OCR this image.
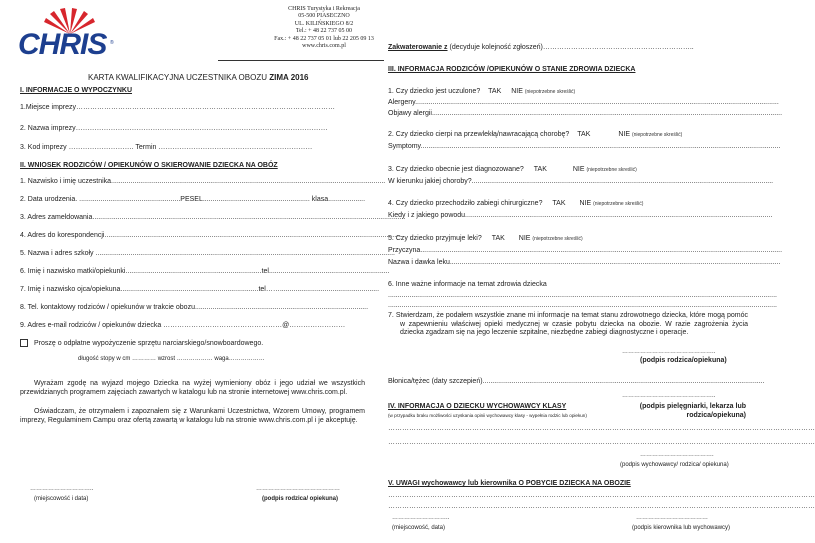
CHRIS ®
CHRIS Turystyka i Rekreacja
05-500 PIASECZNO
UL. KILIŃSKIEGO 8/2
Tel.: + 48 22 737 05 00
Fax.: + 48 22 737 05 01 lub 22 205 09 13
www.chris.com.pl
KARTA KWALIFIKACYJNA UCZESTNIKA OBOZU ZIMA 2016
I. INFORMACJE O WYPOCZYNKU
1.Miejsce imprezy…………………………………………………………………………………………………
2. Nazwa imprezy………………………………………………………………………………………………
3. Kod imprezy ………………………. Termin …………………………………………………………
II. WNIOSEK RODZICÓW / OPIEKUNÓW O SKIEROWANIE DZIECKA NA OBÓZ
1. Nazwisko i imię uczestnika.............................................................................................................................................
2. Data urodzenia. ....................................................PESEL....................................................... klasa...................
3. Adres zameldowania.................................................................................................................................................................
4. Adres do korespondencji.........................................................................................................................................................
5. Nazwa i adres szkoły ..........................................................................................................................................................
6. Imię i nazwisko matki/opiekunki......................................................................tel..............................................................
7. Imię i nazwisko ojca/opiekuna.......................................................................tel……...................................................
8. Tel. kontaktowy rodziców / opiekunów w trakcie obozu.........................................................................................
9. Adres e-mail rodziców / opiekunów dziecka ……………………………………………@……………………
Proszę o odpłatne wypożyczenie sprzętu narciarskiego/snowboardowego.
długość stopy w cm ………… wzrost ……………… waga………………
Wyrażam zgodę na wyjazd mojego Dziecka na wyżej wymieniony obóz i jego udział we wszystkich przewidzianych programem zajęciach zawartych w katalogu lub na stronie internetowej www.chris.com.pl.
Oświadczam, że otrzymałem i zapoznałem się z Warunkami Uczestnictwa, Wzorem Umowy, programem imprezy, Regulaminem Campu oraz ofertą zawartą w katalogu lub na stronie www.chris.com.pl i je akceptuję.
…………………………..
(miejscowość i data)
……………………………………
(podpis rodzica/ opiekuna)
Zakwaterowanie z (decyduje kolejność zgłoszeń)………………………………………………………..
III. INFORMACJA RODZICÓW /OPIEKUNÓW O STANIE ZDROWIA DZIECKA
1. Czy dziecko jest uczulone? TAK NIE (niepotrzebne skreślić)
Alergeny...........................................................................................................................................................................................
Objawy alergii....................................................................................................................................................................................
2. Czy dziecko cierpi na przewlekłą/nawracającą chorobę? TAK	NIE (niepotrzebne skreślić)
Symptomy.........................................................................................................................................................................................
3. Czy dziecko obecnie jest diagnozowane? TAK	NIE (niepotrzebne skreślić)
W kierunku jakiej choroby?...........................................................................................................................................................
4. Czy dziecko przechodziło zabiegi chirurgiczne? TAK NIE (niepotrzebne skreślić)
Kiedy i z jakiego powodu..............................................................................................................................................................
5. Czy dziecko przyjmuje leki? TAK NIE (niepotrzebne skreślić)
Przyczyna..........................................................................................................................................................................................
Nazwa i dawka leku..........................................................................................................................................................................
6. Inne ważne informacje na temat zdrowia dziecka
........................................................................................................................................................................................................
........................................................................................................................................................................................................
7. Stwierdzam, że podałem wszystkie znane mi informacje na temat stanu zdrowotnego dziecka, które mogą pomóc w zapewnieniu właściwej opieki medycznej w czasie pobytu dziecka na obozie. W razie zagrożenia życia dziecka zgadzam się na jego leczenie szpitalne, niezbędne zabiegi diagnostyczne i operacje.
………………………………………..
(podpis rodzica/opiekuna)
Błonica/tężec (daty szczepień).................................................................................................................................................
………………………………………..
(podpis pielęgniarki, lekarza lub rodzica/opiekuna)
IV. INFORMACJA O DZIECKU WYCHOWAWCY KLASY
(w przypadku braku możliwości uzyskania opinii wychowawcy klasy - wypełnia rodzic lub opiekun)
…………………………………………………………………………………………………………………………………………………………………
…………………………………………………………………………………………………………………………………………………………………
……………………………….
(podpis wychowawcy/ rodzica/ opiekuna)
V. UWAGI wychowawcy lub kierownika O POBYCIE DZIECKA NA OBOZIE
…………………………………………………………………………………………………………………………………………………………………
…………………………………………………………………………………………………………………………………………………………………
………………………..
(miejscowość, data)
………………………………
(podpis kierownika lub wychowawcy)
